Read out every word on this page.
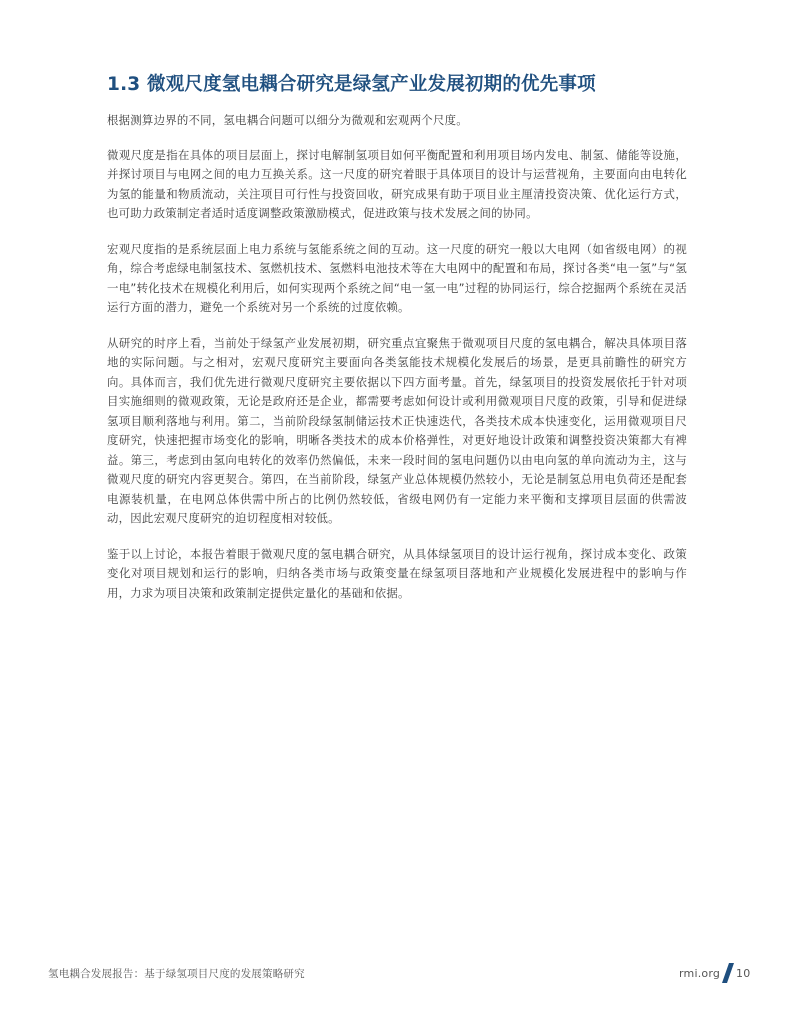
1.3 微观尺度氢电耦合研究是绿氢产业发展初期的优先事项

根据测算边界的不同，氢电耦合问题可以细分为微观和宏观两个尺度。

微观尺度是指在具体的项目层面上，探讨电解制氢项目如何平衡配置和利用项目场内发电、制氢、储能等设施，并探讨项目与电网之间的电力互换关系。这一尺度的研究着眼于具体项目的设计与运营视角，主要面向由电转化为氢的能量和物质流动，关注项目可行性与投资回收，研究成果有助于项目业主厘清投资决策、优化运行方式，也可助力政策制定者适时适度调整政策激励模式，促进政策与技术发展之间的协同。

宏观尺度指的是系统层面上电力系统与氢能系统之间的互动。这一尺度的研究一般以大电网（如省级电网）的视角，综合考虑绿电制氢技术、氢燃机技术、氢燃料电池技术等在大电网中的配置和布局，探讨各类“电一氢”与“氢一电”转化技术在规模化利用后，如何实现两个系统之间“电一氢一电”过程的协同运行，综合挖掘两个系统在灵活运行方面的潜力，避免一个系统对另一个系统的过度依赖。

从研究的时序上看，当前处于绿氢产业发展初期，研究重点宜聚焦于微观项目尺度的氢电耦合，解决具体项目落地的实际问题。与之相对，宏观尺度研究主要面向各类氢能技术规模化发展后的场景，是更具前瞻性的研究方向。具体而言，我们优先进行微观尺度研究主要依据以下四方面考量。首先，绿氢项目的投资发展依托于针对项目实施细则的微观政策，无论是政府还是企业，都需要考虑如何设计或利用微观项目尺度的政策，引导和促进绿氢项目顺利落地与利用。第二，当前阶段绿氢制储运技术正快速迭代，各类技术成本快速变化，运用微观项目尺度研究，快速把握市场变化的影响，明晰各类技术的成本价格弹性，对更好地设计政策和调整投资决策都大有裨益。第三，考虑到由氢向电转化的效率仍然偏低，未来一段时间的氢电问题仍以由电向氢的单向流动为主，这与微观尺度的研究内容更契合。第四，在当前阶段，绿氢产业总体规模仍然较小，无论是制氢总用电负荷还是配套电源装机量，在电网总体供需中所占的比例仍然较低，省级电网仍有一定能力来平衡和支撑项目层面的供需波动，因此宏观尺度研究的迫切程度相对较低。

鉴于以上讨论，本报告着眼于微观尺度的氢电耦合研究，从具体绿氢项目的设计运行视角，探讨成本变化、政策变化对项目规划和运行的影响，归纳各类市场与政策变量在绿氢项目落地和产业规模化发展进程中的影响与作用，力求为项目决策和政策制定提供定量化的基础和依据。

氢电耦合发展报告：基于绿氢项目尺度的发展策略研究	rmi.org 10
